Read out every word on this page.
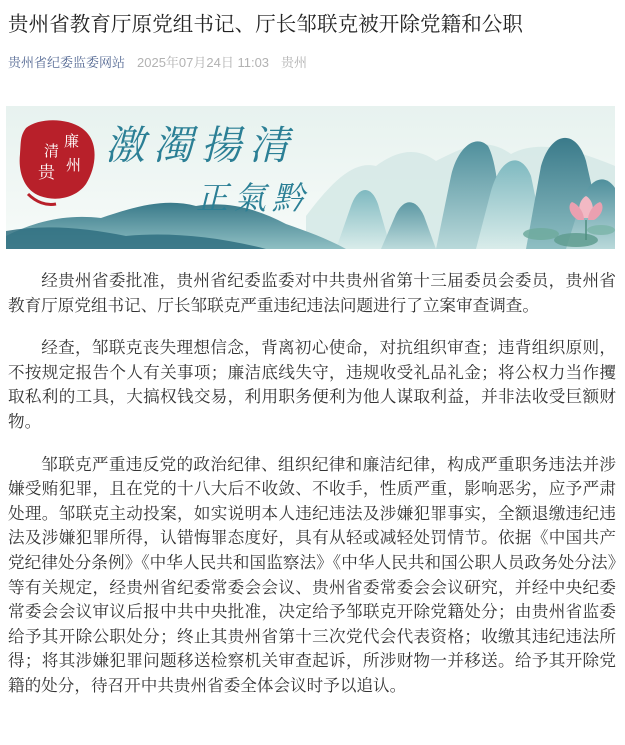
贵州省教育厅原党组书记、厅长邹联克被开除党籍和公职
贵州省纪委监委网站 2025年07月24日 11:03 贵州
清
廉
贵 州 激濁揚清
正氣黔

经贵州省委批准，贵州省纪委监委对中共贵州省第十三届委员会委员，贵州省教育厅原党组书记、厅长邹联克严重违纪违法问题进行了立案审查调查。

经查，邹联克丧失理想信念，背离初心使命，对抗组织审查；违背组织原则，不按规定报告个人有关事项；廉洁底线失守，违规收受礼品礼金；将公权力当作攫取私利的工具，大搞权钱交易，利用职务便利为他人谋取利益，并非法收受巨额财物。

邹联克严重违反党的政治纪律、组织纪律和廉洁纪律，构成严重职务违法并涉嫌受贿犯罪，且在党的十八大后不收敛、不收手，性质严重，影响恶劣，应予严肃处理。邹联克主动投案，如实说明本人违纪违法及涉嫌犯罪事实，全额退缴违纪违法及涉嫌犯罪所得，认错悔罪态度好，具有从轻或减轻处罚情节。依据《中国共产党纪律处分条例》《中华人民共和国监察法》《中华人民共和国公职人员政务处分法》等有关规定，经贵州省纪委常委会会议、贵州省委常委会会议研究，并经中央纪委常委会会议审议后报中共中央批准，决定给予邹联克开除党籍处分；由贵州省监委给予其开除公职处分；终止其贵州省第十三次党代会代表资格；收缴其违纪违法所得；将其涉嫌犯罪问题移送检察机关审查起诉，所涉财物一并移送。给予其开除党籍的处分，待召开中共贵州省委全体会议时予以追认。
